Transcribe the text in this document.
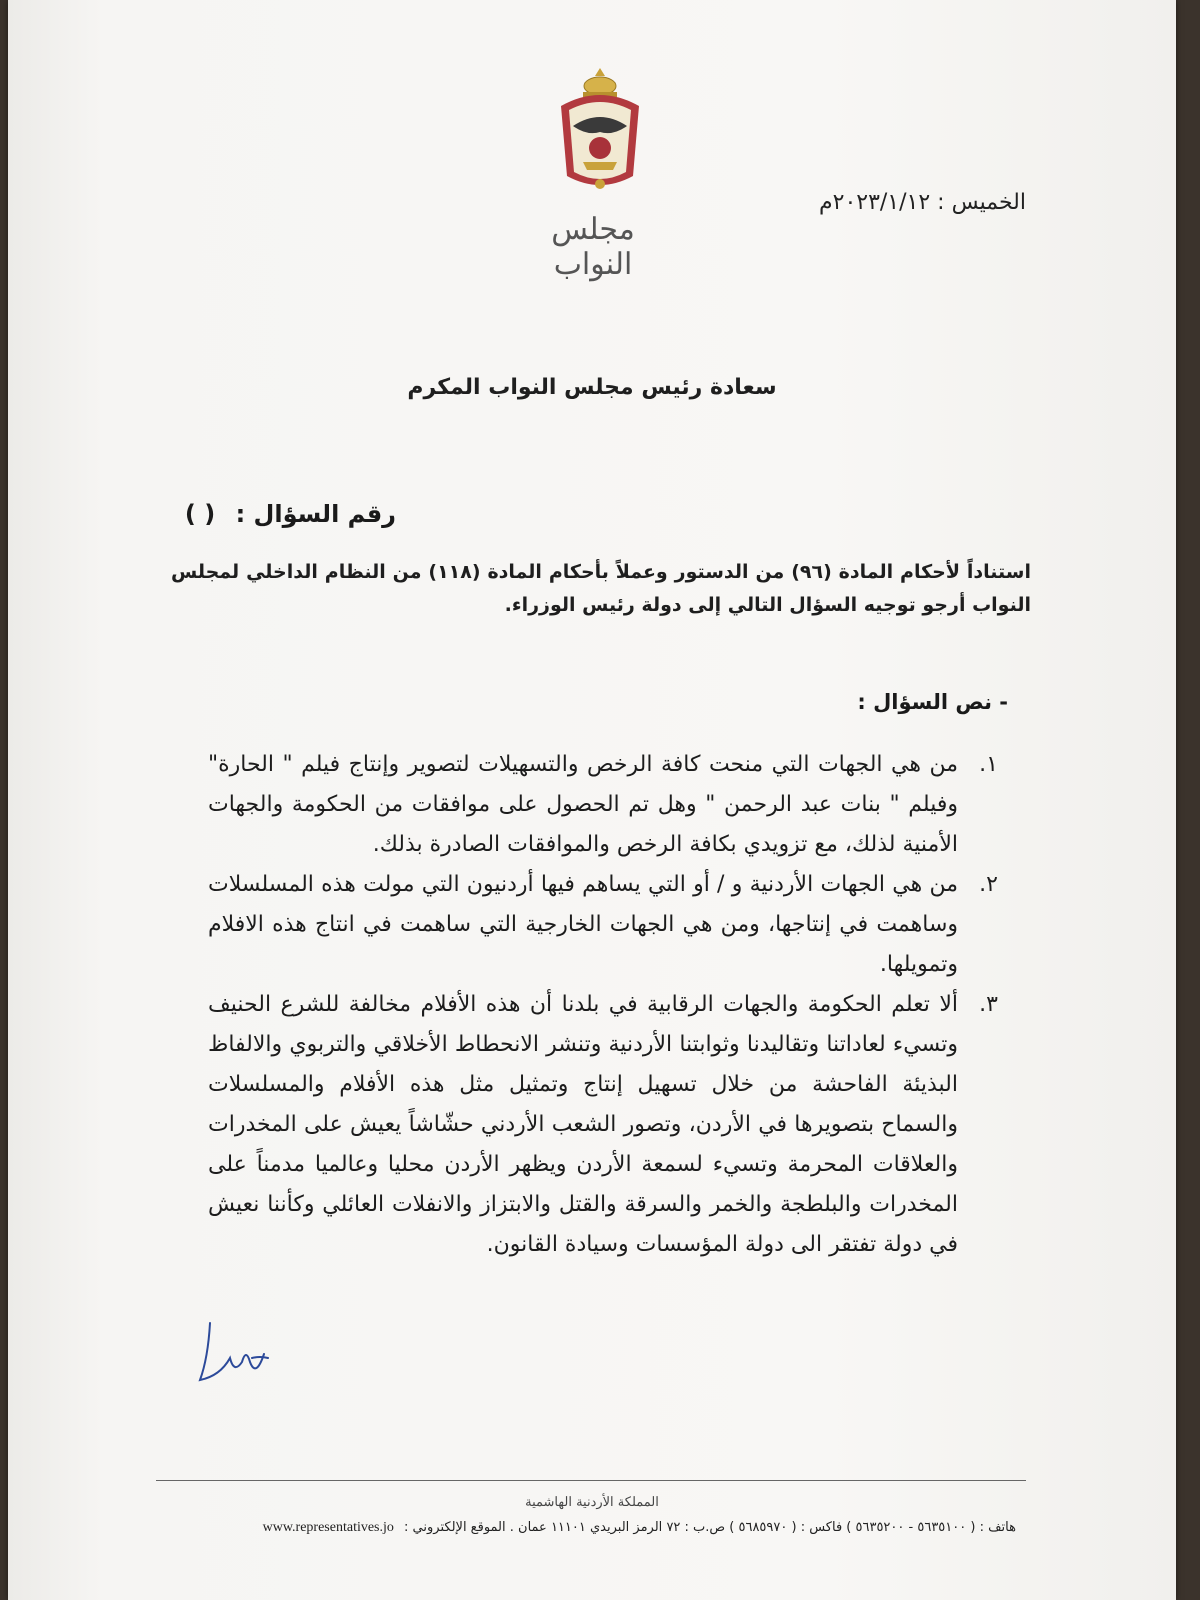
مجلس النواب
الخميس : ٢٠٢٣/١/١٢م
سعادة رئيس مجلس النواب المكرم
رقم السؤال : ( )
استناداً لأحكام المادة (٩٦) من الدستور وعملاً بأحكام المادة (١١٨) من النظام الداخلي لمجلس النواب أرجو توجيه السؤال التالي إلى دولة رئيس الوزراء.
- نص السؤال :
١.
من هي الجهات التي منحت كافة الرخص والتسهيلات لتصوير وإنتاج فيلم " الحارة" وفيلم " بنات عبد الرحمن " وهل تم الحصول على موافقات من الحكومة والجهات الأمنية لذلك، مع تزويدي بكافة الرخص والموافقات الصادرة بذلك.
٢.
من هي الجهات الأردنية و / أو التي يساهم فيها أردنيون التي مولت هذه المسلسلات وساهمت في إنتاجها، ومن هي الجهات الخارجية التي ساهمت في انتاج هذه الافلام وتمويلها.
٣.
ألا تعلم الحكومة والجهات الرقابية في بلدنا أن هذه الأفلام مخالفة للشرع الحنيف وتسيء لعاداتنا وتقاليدنا وثوابتنا الأردنية وتنشر الانحطاط الأخلاقي والتربوي والالفاظ البذيئة الفاحشة من خلال تسهيل إنتاج وتمثيل مثل هذه الأفلام والمسلسلات والسماح بتصويرها في الأردن، وتصور الشعب الأردني حشّاشاً يعيش على المخدرات والعلاقات المحرمة وتسيء لسمعة الأردن ويظهر الأردن محليا وعالميا مدمناً على المخدرات والبلطجة والخمر والسرقة والقتل والابتزاز والانفلات العائلي وكأننا نعيش في دولة تفتقر الى دولة المؤسسات وسيادة القانون.
المملكة الأردنية الهاشمية
هاتف : ( ٥٦٣٥١٠٠ - ٥٦٣٥٢٠٠ ) فاكس : ( ٥٦٨٥٩٧٠ ) ص.ب : ٧٢ الرمز البريدي ١١١٠١ عمان . الموقع الإلكتروني : www.representatives.jo
